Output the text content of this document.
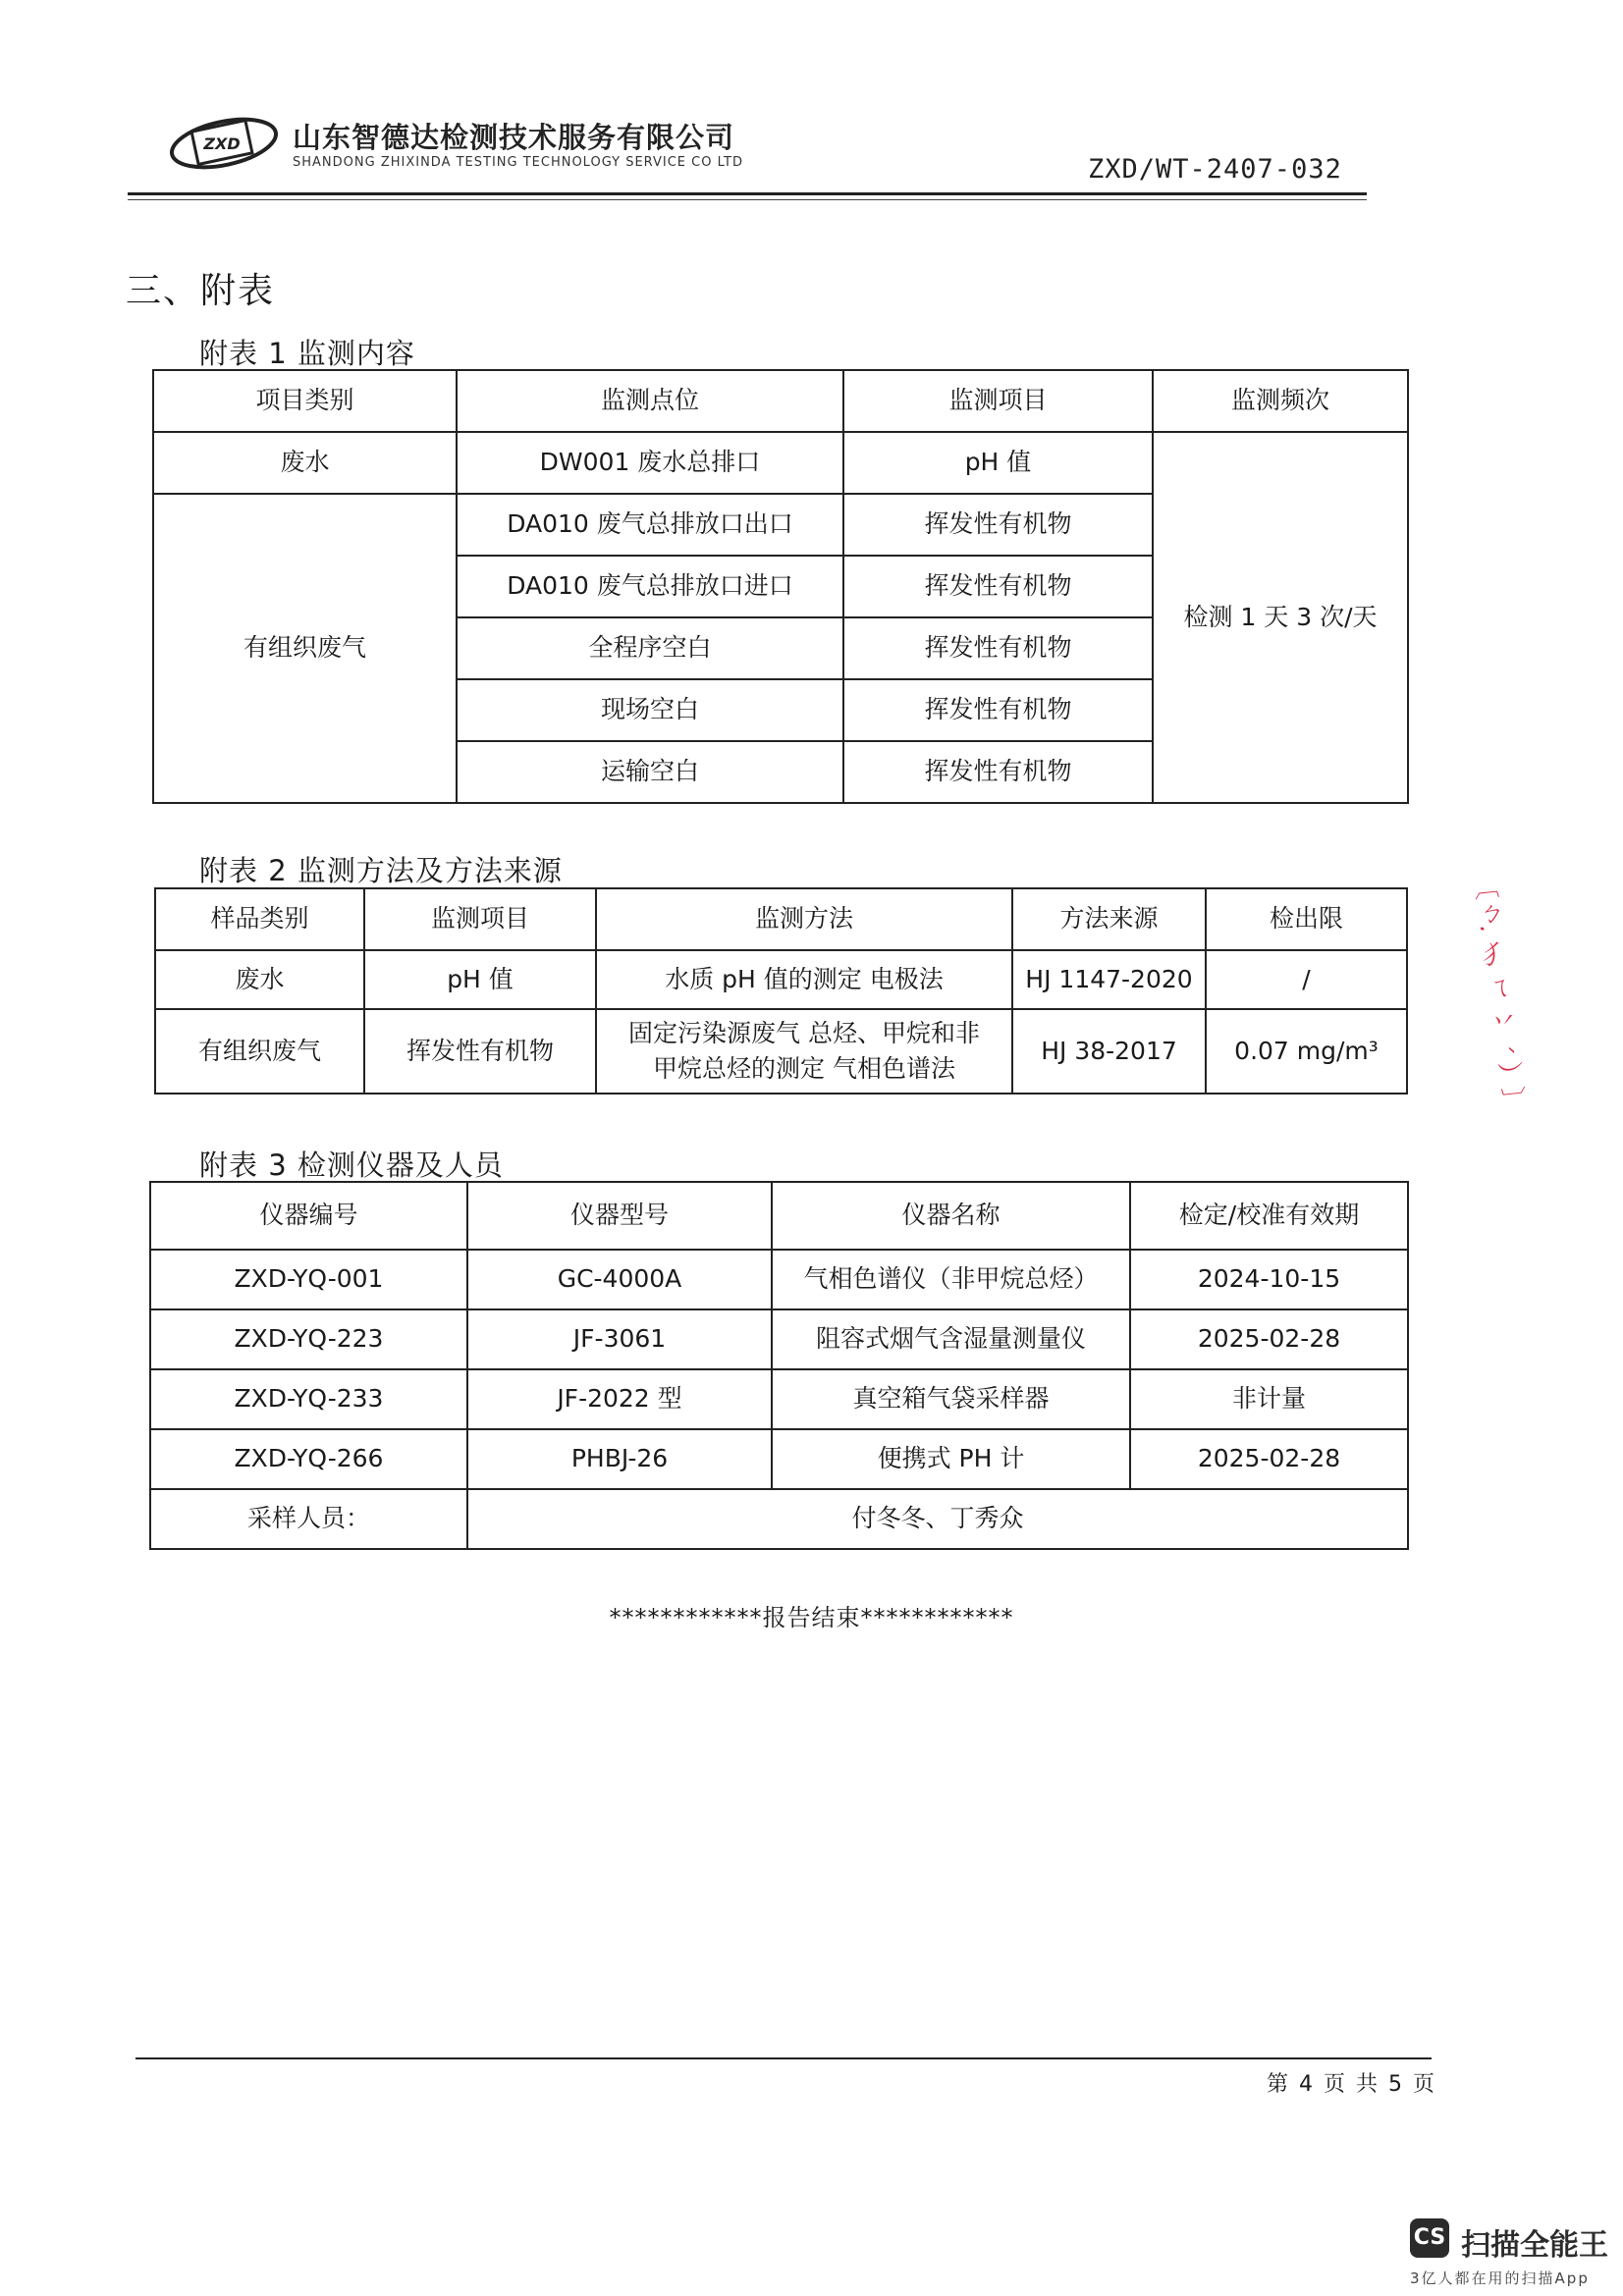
ZXD 山东智德达检测技术服务有限公司
SHANDONG ZHIXINDA TESTING TECHNOLOGY SERVICE CO LTD	ZXD/WT-2407-032
三、附表
附表 1 监测内容
项目类别	监测点位	监测项目	监测频次
废水	DW001 废水总排口	pH 值	检测 1 天 3 次/天
有组织废气	DA010 废气总排放口出口	挥发性有机物	
	DA010 废气总排放口进口	挥发性有机物	
	全程序空白	挥发性有机物	
	现场空白	挥发性有机物	
	运输空白	挥发性有机物	
附表 2 监测方法及方法来源
样品类别	监测项目	监测方法	方法来源	检出限
废水	pH 值	水质 pH 值的测定 电极法	HJ 1147-2020	/
有组织废气	挥发性有机物	固定污染源废气 总烃、甲烷和非甲烷总烃的测定 气相色谱法	HJ 38-2017	0.07 mg/m³
附表 3 检测仪器及人员
仪器编号	仪器型号	仪器名称	检定/校准有效期
ZXD-YQ-001	GC-4000A	气相色谱仪（非甲烷总烃）	2024-10-15
ZXD-YQ-223	JF-3061	阻容式烟气含湿量测量仪	2025-02-28
ZXD-YQ-233	JF-2022 型	真空箱气袋采样器	非计量
ZXD-YQ-266	PHBJ-26	便携式 PH 计	2025-02-28
采样人员：	付冬冬、丁秀众		
************报告结束************
〔ㄅ. 犭 ㄟ 丷 ˊ ︶〕
第 4 页 共 5 页
CS 扫描全能王
3亿人都在用的扫描App
